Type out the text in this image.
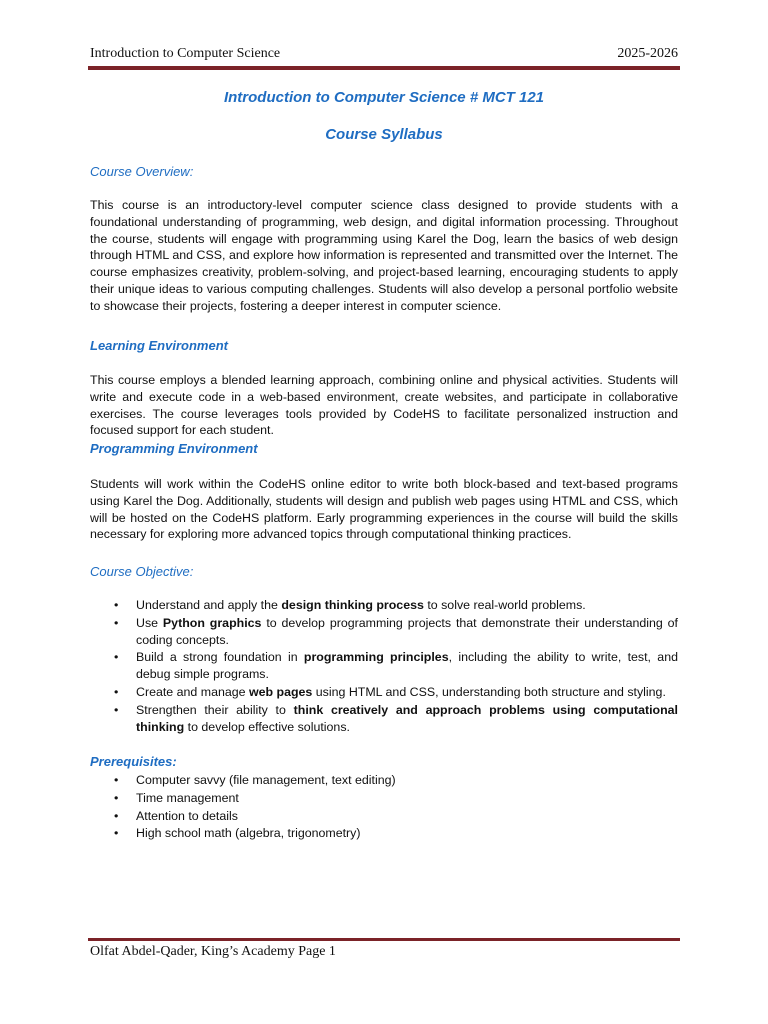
Introduction to Computer Science	2025-2026
Introduction to Computer Science # MCT 121
Course Syllabus
Course Overview:
This course is an introductory-level computer science class designed to provide students with a foundational understanding of programming, web design, and digital information processing. Throughout the course, students will engage with programming using Karel the Dog, learn the basics of web design through HTML and CSS, and explore how information is represented and transmitted over the Internet. The course emphasizes creativity, problem-solving, and project-based learning, encouraging students to apply their unique ideas to various computing challenges. Students will also develop a personal portfolio website to showcase their projects, fostering a deeper interest in computer science.
Learning Environment
This course employs a blended learning approach, combining online and physical activities. Students will write and execute code in a web-based environment, create websites, and participate in collaborative exercises. The course leverages tools provided by CodeHS to facilitate personalized instruction and focused support for each student.
Programming Environment
Students will work within the CodeHS online editor to write both block-based and text-based programs using Karel the Dog. Additionally, students will design and publish web pages using HTML and CSS, which will be hosted on the CodeHS platform. Early programming experiences in the course will build the skills necessary for exploring more advanced topics through computational thinking practices.
Course Objective:
• Understand and apply the design thinking process to solve real-world problems.
• Use Python graphics to develop programming projects that demonstrate their understanding of coding concepts.
• Build a strong foundation in programming principles, including the ability to write, test, and debug simple programs.
• Create and manage web pages using HTML and CSS, understanding both structure and styling.
• Strengthen their ability to think creatively and approach problems using computational thinking to develop effective solutions.
Prerequisites:
• Computer savvy (file management, text editing)
• Time management
• Attention to details
• High school math (algebra, trigonometry)
Olfat Abdel-Qader, King’s Academy Page 1
